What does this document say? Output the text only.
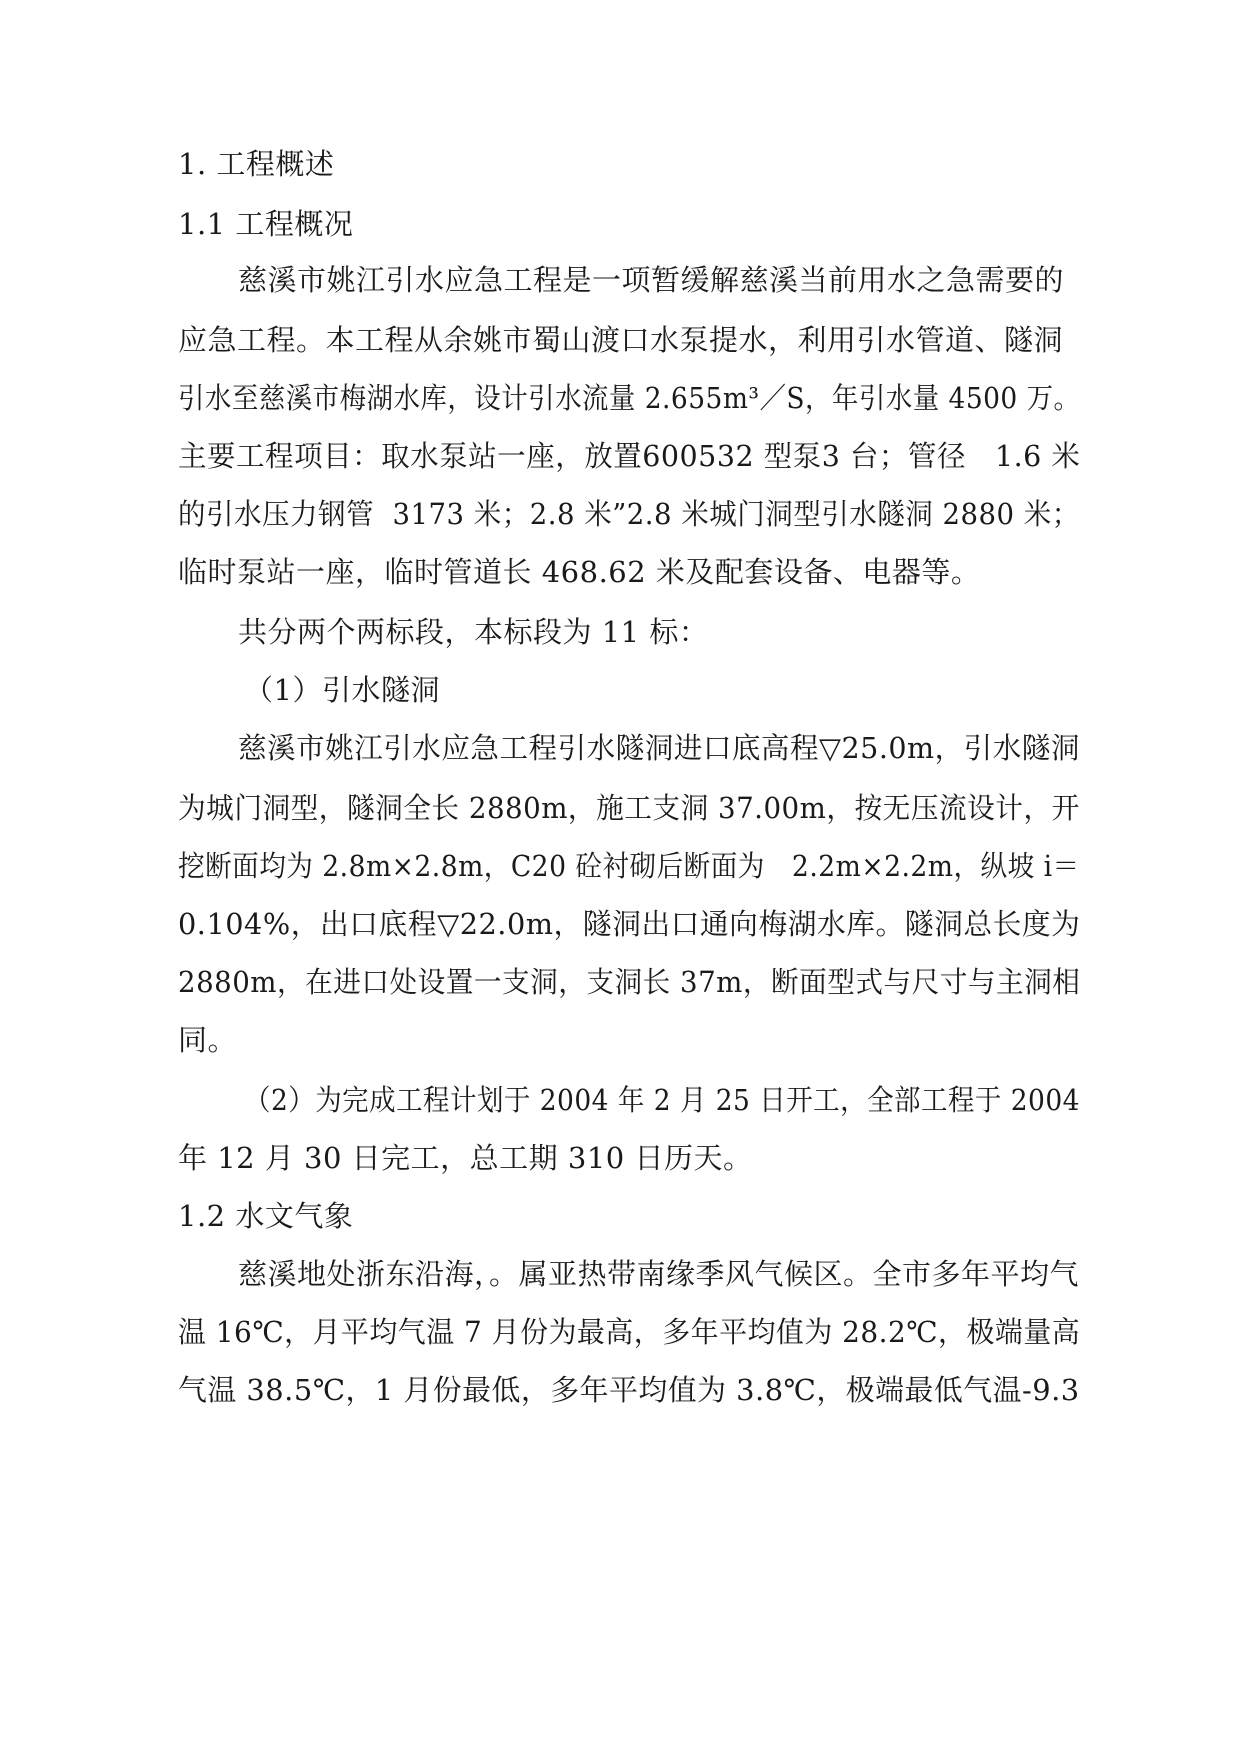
1. 工程概述
1.1 工程概况
慈溪市姚江引水应急工程是一项暂缓解慈溪当前用水之急需要的
应急工程。本工程从余姚市蜀山渡口水泵提水，利用引水管道、隧洞
引水至慈溪市梅湖水库，设计引水流量 2.655m³／S，年引水量 4500 万。
主要工程项目：取水泵站一座，放置600532 型泵3 台；管径　1.6 米
的引水压力钢管  3173 米；2.8 米”2.8 米城门洞型引水隧洞 2880 米；
临时泵站一座，临时管道长 468.62 米及配套设备、电器等。
共分两个两标段，本标段为 11 标：
（1）引水隧洞
慈溪市姚江引水应急工程引水隧洞进口底高程▽25.0m，引水隧洞
为城门洞型，隧洞全长 2880m，施工支洞 37.00m，按无压流设计，开
挖断面均为 2.8m×2.8m，C20 砼衬砌后断面为　2.2m×2.2m，纵坡 i＝
0.104%，出口底程▽22.0m，隧洞出口通向梅湖水库。隧洞总长度为
2880m，在进口处设置一支洞，支洞长 37m，断面型式与尺寸与主洞相
同。
（2）为完成工程计划于 2004 年 2 月 25 日开工，全部工程于 2004
年 12 月 30 日完工，总工期 310 日历天。
1.2 水文气象
慈溪地处浙东沿海，。属亚热带南缘季风气候区。全市多年平均气
温 16℃，月平均气温 7 月份为最高，多年平均值为 28.2℃，极端量高
气温 38.5℃，1 月份最低，多年平均值为 3.8℃，极端最低气温-9.3
